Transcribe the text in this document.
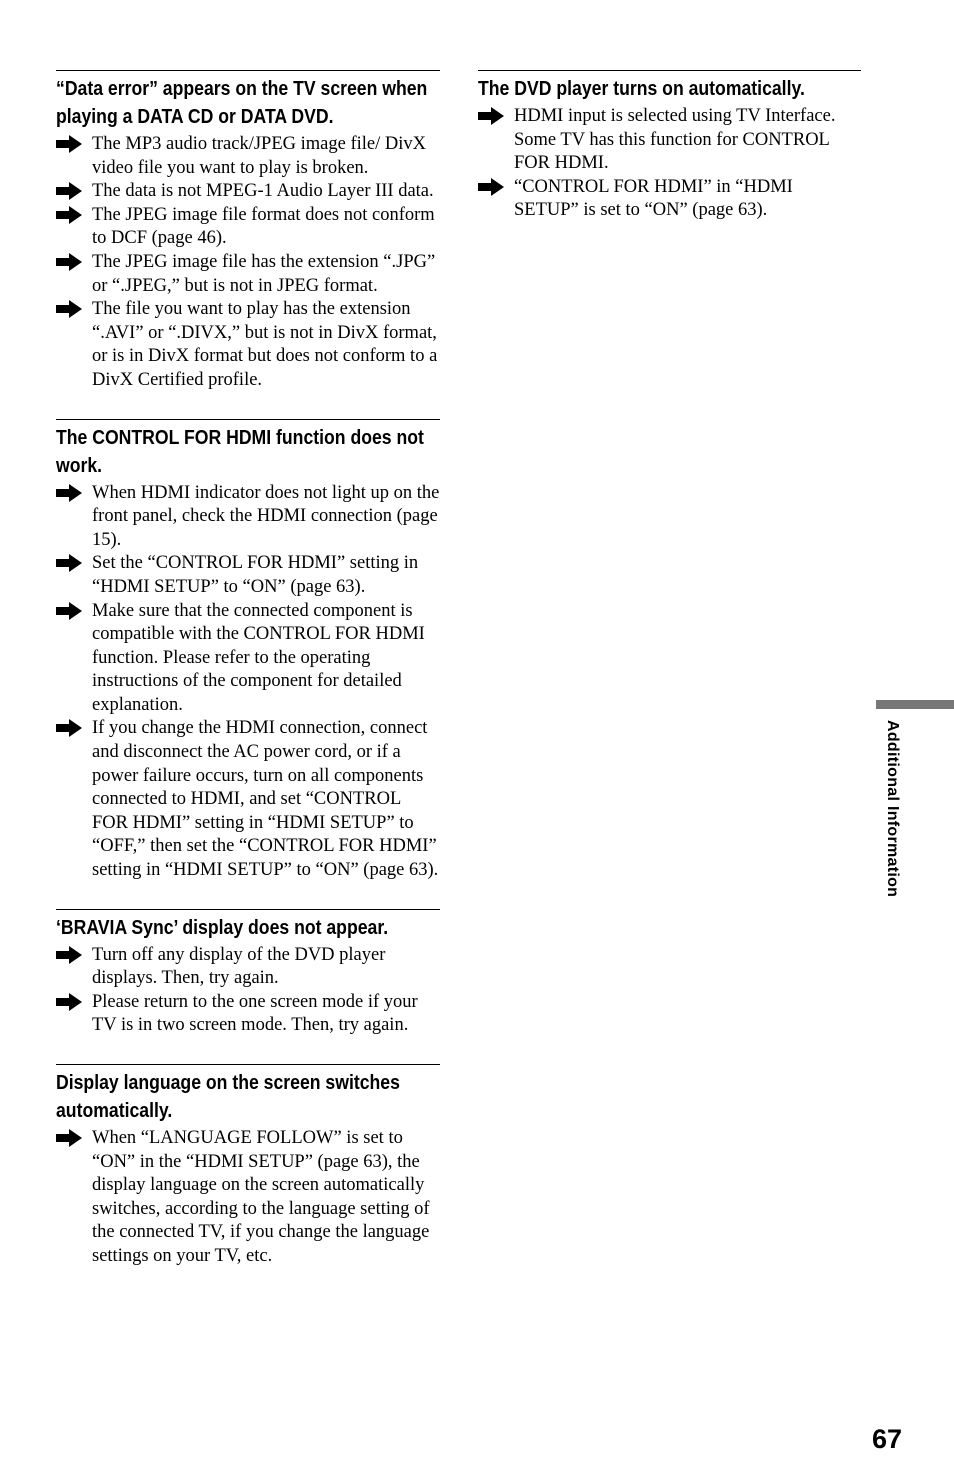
“Data error” appears on the TV screen when playing a DATA CD or DATA DVD.
The MP3 audio track/JPEG image file/ DivX video file you want to play is broken.
The data is not MPEG-1 Audio Layer III data.
The JPEG image file format does not conform to DCF (page 46).
The JPEG image file has the extension “.JPG” or “.JPEG,” but is not in JPEG format.
The file you want to play has the extension “.AVI” or “.DIVX,” but is not in DivX format, or is in DivX format but does not conform to a DivX Certified profile.
The CONTROL FOR HDMI function does not work.
When HDMI indicator does not light up on the front panel, check the HDMI connection (page 15).
Set the “CONTROL FOR HDMI” setting in “HDMI SETUP” to “ON” (page 63).
Make sure that the connected component is compatible with the CONTROL FOR HDMI function. Please refer to the operating instructions of the component for detailed explanation.
If you change the HDMI connection, connect and disconnect the AC power cord, or if a power failure occurs, turn on all components connected to HDMI, and set “CONTROL FOR HDMI” setting in “HDMI SETUP” to “OFF,” then set the “CONTROL FOR HDMI” setting in “HDMI SETUP” to “ON” (page 63).
‘BRAVIA Sync’ display does not appear.
Turn off any display of the DVD player displays. Then, try again.
Please return to the one screen mode if your TV is in two screen mode. Then, try again.
Display language on the screen switches automatically.
When “LANGUAGE FOLLOW” is set to “ON” in the “HDMI SETUP” (page 63), the display language on the screen automatically switches, according to the language setting of the connected TV, if you change the language settings on your TV, etc.
The DVD player turns on automatically.
HDMI input is selected using TV Interface. Some TV has this function for CONTROL FOR HDMI.
“CONTROL FOR HDMI” in “HDMI SETUP” is set to “ON” (page 63).
Additional Information
67
